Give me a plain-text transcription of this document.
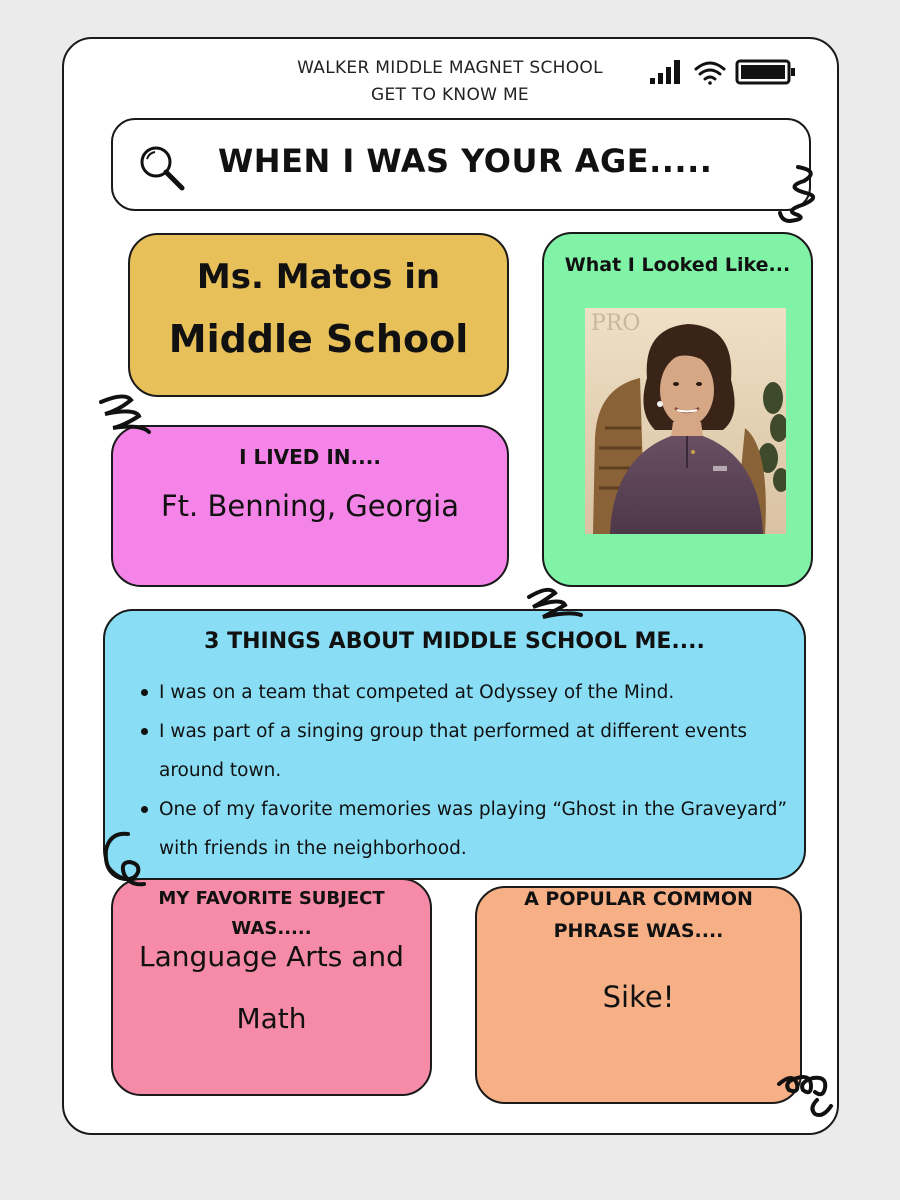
WALKER MIDDLE MAGNET SCHOOL
GET TO KNOW ME
WHEN I WAS YOUR AGE.....
Ms. Matos in
Middle School
I LIVED IN....
Ft. Benning, Georgia
What I Looked Like...
PRO
3 THINGS ABOUT MIDDLE SCHOOL ME....
I was on a team that competed at Odyssey of the Mind.
I was part of a singing group that performed at different events around town.
One of my favorite memories was playing “Ghost in the Graveyard” with friends in the neighborhood.
MY FAVORITE SUBJECT
WAS.....
Language Arts and
Math
A POPULAR COMMON
PHRASE WAS....
Sike!
